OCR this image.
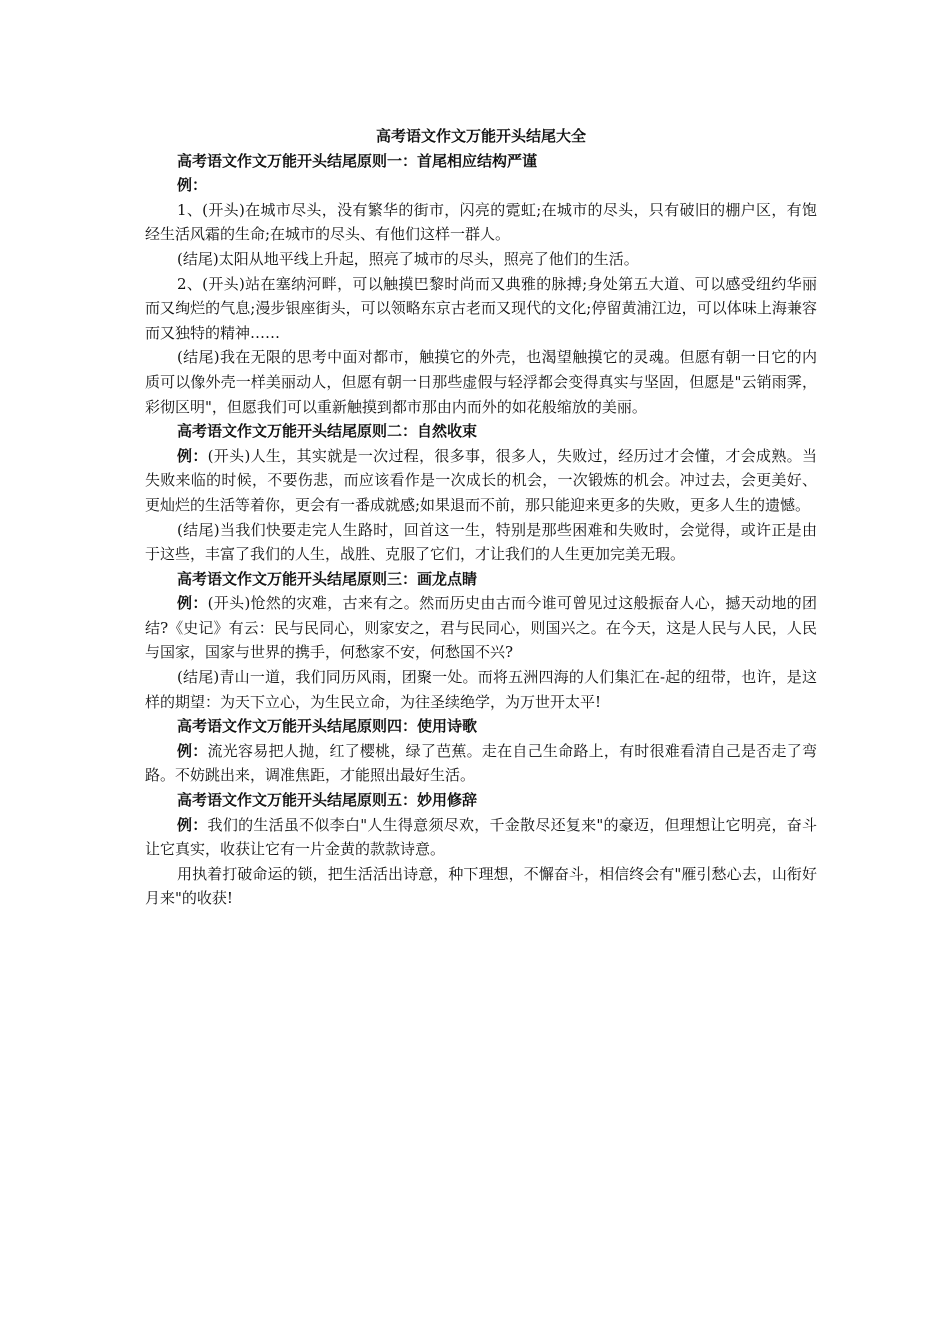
高考语文作文万能开头结尾大全

高考语文作文万能开头结尾原则一：首尾相应结构严谨

例：

1、(开头)在城市尽头，没有繁华的街市，闪亮的霓虹;在城市的尽头，只有破旧的棚户区，有饱经生活风霜的生命;在城市的尽头、有他们这样一群人。

(结尾)太阳从地平线上升起，照亮了城市的尽头，照亮了他们的生活。

2、(开头)站在塞纳河畔，可以触摸巴黎时尚而又典雅的脉搏;身处第五大道、可以感受纽约华丽而又绚烂的气息;漫步银座街头，可以领略东京古老而又现代的文化;停留黄浦江边，可以体味上海兼容而又独特的精神……

(结尾)我在无限的思考中面对都市，触摸它的外壳，也渴望触摸它的灵魂。但愿有朝一日它的内质可以像外壳一样美丽动人，但愿有朝一日那些虚假与轻浮都会变得真实与坚固，但愿是"云销雨霁，彩彻区明"，但愿我们可以重新触摸到都市那由内而外的如花般缩放的美丽。

高考语文作文万能开头结尾原则二：自然收束

例：(开头)人生，其实就是一次过程，很多事，很多人，失败过，经历过才会懂，才会成熟。当失败来临的时候，不要伤悲，而应该看作是一次成长的机会，一次锻炼的机会。冲过去，会更美好、更灿烂的生活等着你，更会有一番成就感;如果退而不前，那只能迎来更多的失败，更多人生的遗憾。

(结尾)当我们快要走完人生路时，回首这一生，特别是那些困难和失败时，会觉得，或许正是由于这些，丰富了我们的人生，战胜、克服了它们，才让我们的人生更加完美无瑕。

高考语文作文万能开头结尾原则三：画龙点睛

例：(开头)怆然的灾难，古来有之。然而历史由古而今谁可曾见过这般振奋人心，撼天动地的团结?《史记》有云：民与民同心，则家安之，君与民同心，则国兴之。在今天，这是人民与人民，人民与国家，国家与世界的携手，何愁家不安，何愁国不兴?

(结尾)青山一道，我们同历风雨，团聚一处。而将五洲四海的人们集汇在-起的纽带，也许，是这样的期望：为天下立心，为生民立命，为往圣续绝学，为万世开太平!

高考语文作文万能开头结尾原则四：使用诗歌

例：流光容易把人抛，红了樱桃，绿了芭蕉。走在自己生命路上，有时很难看清自己是否走了弯路。不妨跳出来，调准焦距，才能照出最好生活。

高考语文作文万能开头结尾原则五：妙用修辞

例：我们的生活虽不似李白"人生得意须尽欢，千金散尽还复来"的豪迈，但理想让它明亮，奋斗让它真实，收获让它有一片金黄的款款诗意。

用执着打破命运的锁，把生活活出诗意，种下理想，不懈奋斗，相信终会有"雁引愁心去，山衔好月来"的收获!
